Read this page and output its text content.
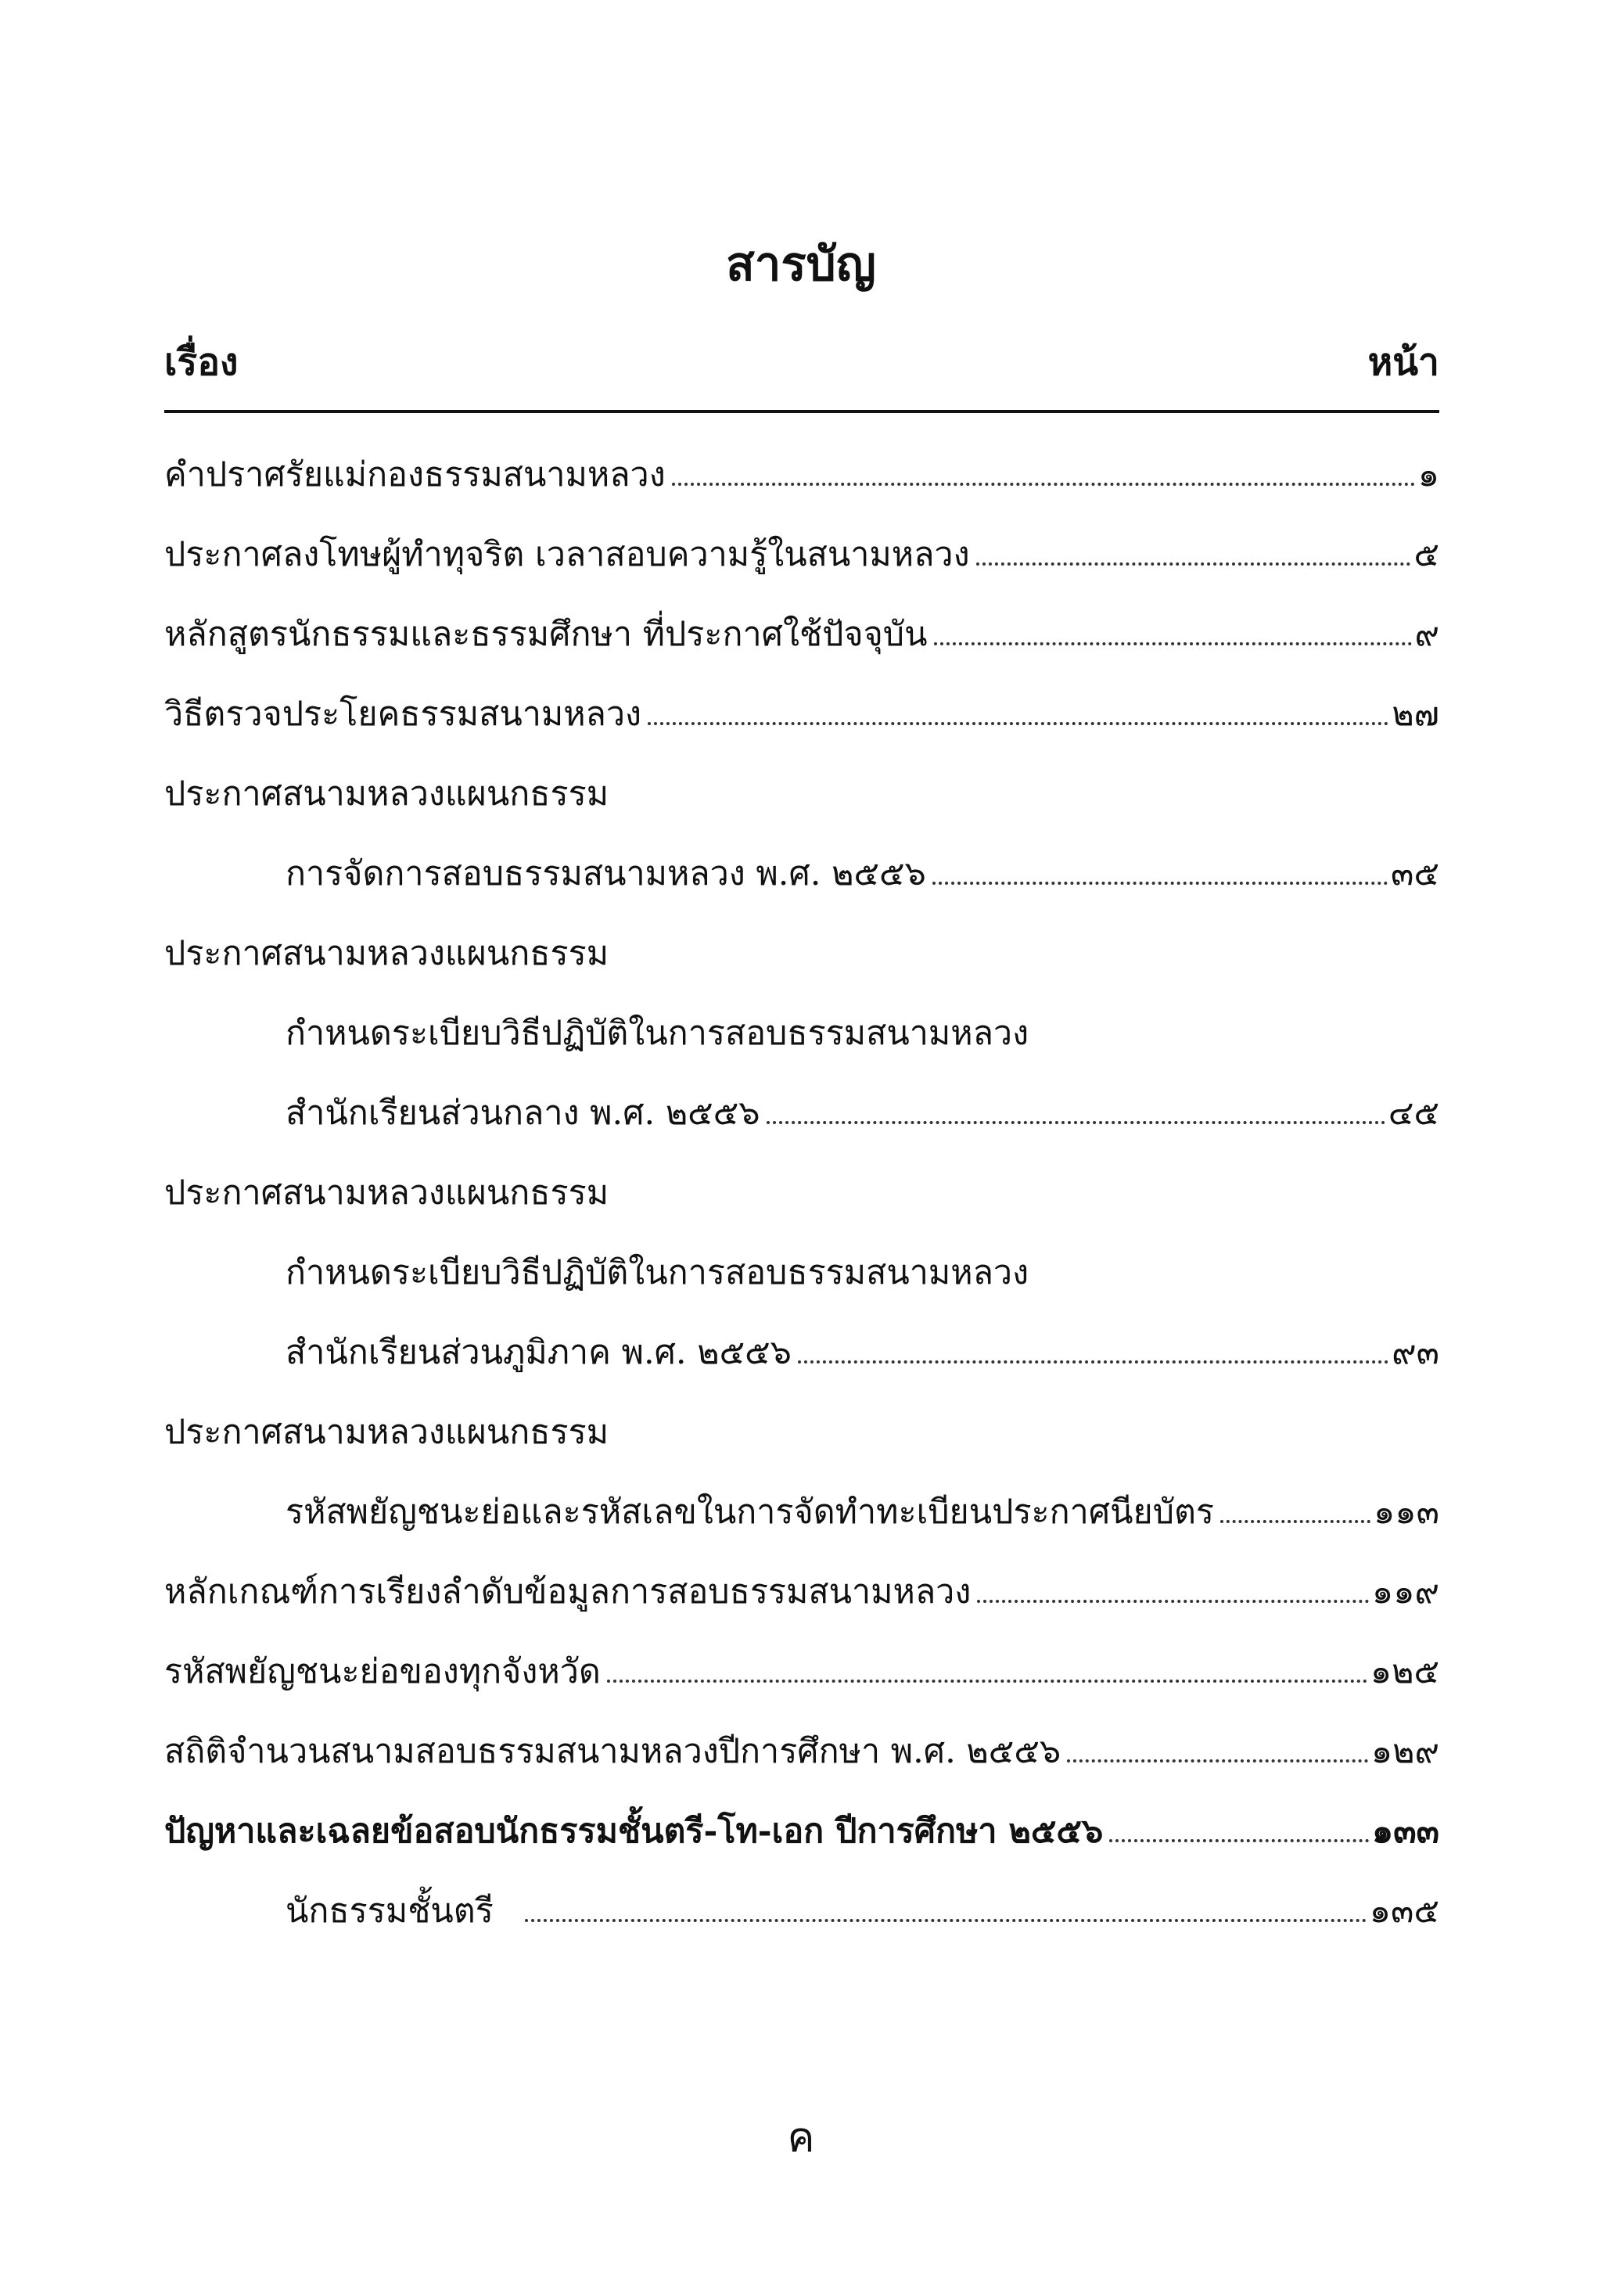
สารบัญ
เรื่อง	หน้า
คำปราศรัยแม่กองธรรมสนามหลวง	๑
ประกาศลงโทษผู้ทำทุจริต เวลาสอบความรู้ในสนามหลวง	๕
หลักสูตรนักธรรมและธรรมศึกษา ที่ประกาศใช้ปัจจุบัน	๙
วิธีตรวจประโยคธรรมสนามหลวง	๒๗
ประกาศสนามหลวงแผนกธรรม
การจัดการสอบธรรมสนามหลวง พ.ศ. ๒๕๕๖	๓๕
ประกาศสนามหลวงแผนกธรรม
กำหนดระเบียบวิธีปฏิบัติในการสอบธรรมสนามหลวง
สำนักเรียนส่วนกลาง พ.ศ. ๒๕๕๖	๔๕
ประกาศสนามหลวงแผนกธรรม
กำหนดระเบียบวิธีปฏิบัติในการสอบธรรมสนามหลวง
สำนักเรียนส่วนภูมิภาค พ.ศ. ๒๕๕๖	๙๓
ประกาศสนามหลวงแผนกธรรม
รหัสพยัญชนะย่อและรหัสเลขในการจัดทำทะเบียนประกาศนียบัตร	๑๑๓
หลักเกณฑ์การเรียงลำดับข้อมูลการสอบธรรมสนามหลวง	๑๑๙
รหัสพยัญชนะย่อของทุกจังหวัด	๑๒๕
สถิติจำนวนสนามสอบธรรมสนามหลวงปีการศึกษา พ.ศ. ๒๕๕๖	๑๒๙
ปัญหาและเฉลยข้อสอบนักธรรมชั้นตรี-โท-เอก ปีการศึกษา ๒๕๕๖	๑๓๓
นักธรรมชั้นตรี	๑๓๕
ค
